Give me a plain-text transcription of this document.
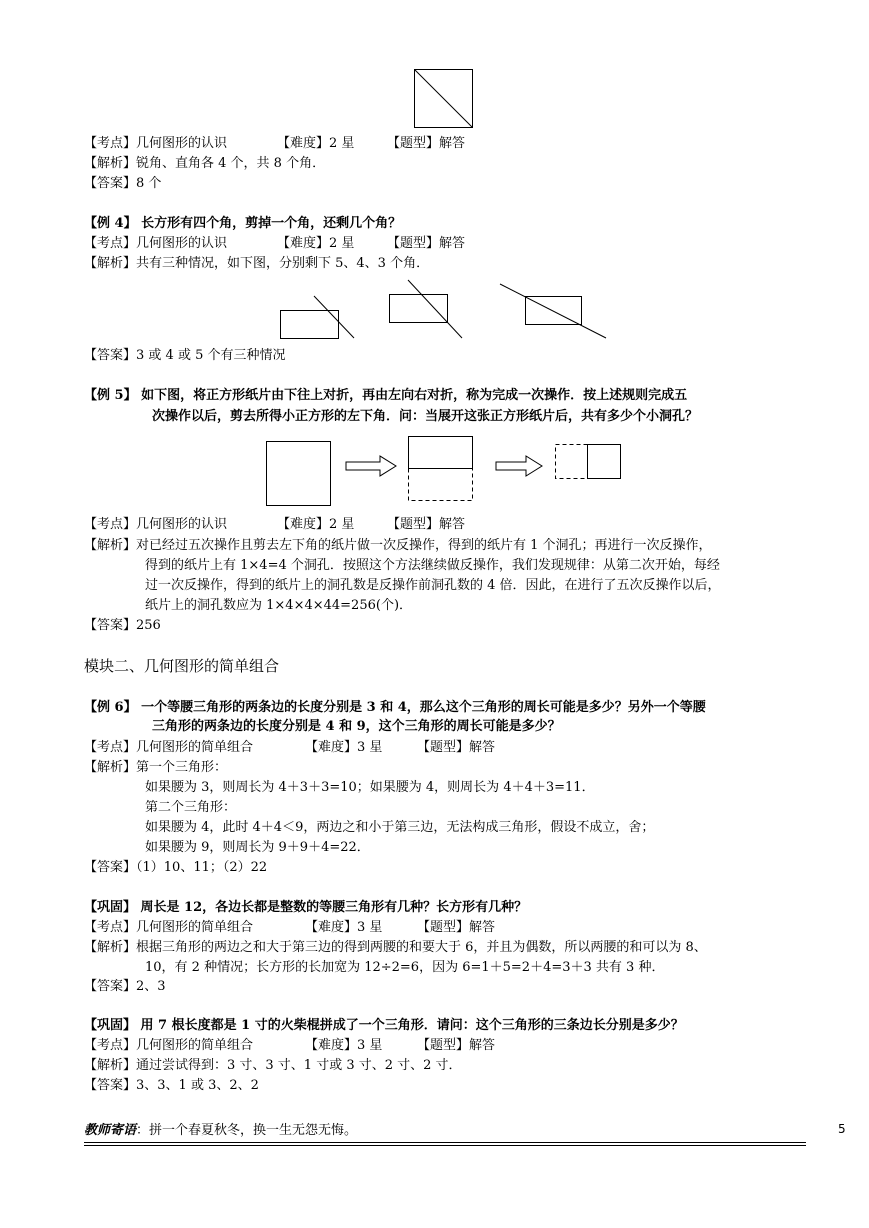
【考点】几何图形的认识	【难度】2 星	【题型】解答
【解析】锐角、直角各 4 个，共 8 个角．
【答案】8 个
【例 4】 长方形有四个角，剪掉一个角，还剩几个角？
【考点】几何图形的认识	【难度】2 星	【题型】解答
【解析】共有三种情况，如下图，分别剩下 5、4、3 个角．
【答案】3 或 4 或 5 个有三种情况
【例 5】 如下图，将正方形纸片由下往上对折，再由左向右对折，称为完成一次操作．按上述规则完成五
次操作以后，剪去所得小正方形的左下角．问：当展开这张正方形纸片后，共有多少个小洞孔？
【考点】几何图形的认识	【难度】2 星	【题型】解答
【解析】对已经过五次操作且剪去左下角的纸片做一次反操作，得到的纸片有 1 个洞孔；再进行一次反操作，
得到的纸片上有 1×4=4 个洞孔．按照这个方法继续做反操作，我们发现规律：从第二次开始，每经
过一次反操作，得到的纸片上的洞孔数是反操作前洞孔数的 4 倍．因此，在进行了五次反操作以后，
纸片上的洞孔数应为 1×4×4×44=256(个)．
【答案】256
模块二、几何图形的简单组合
【例 6】 一个等腰三角形的两条边的长度分别是 3 和 4，那么这个三角形的周长可能是多少？另外一个等腰
三角形的两条边的长度分别是 4 和 9，这个三角形的周长可能是多少？
【考点】几何图形的简单组合	【难度】3 星	【题型】解答
【解析】第一个三角形：
如果腰为 3，则周长为 4＋3＋3=10；如果腰为 4，则周长为 4＋4＋3=11．
第二个三角形：
如果腰为 4，此时 4＋4＜9，两边之和小于第三边，无法构成三角形，假设不成立，舍；
如果腰为 9，则周长为 9＋9＋4=22．
【答案】（1）10、11；（2）22
【巩固】 周长是 12，各边长都是整数的等腰三角形有几种？长方形有几种？
【考点】几何图形的简单组合	【难度】3 星	【题型】解答
【解析】根据三角形的两边之和大于第三边的得到两腰的和要大于 6，并且为偶数，所以两腰的和可以为 8、
10，有 2 种情况；长方形的长加宽为 12÷2=6，因为 6=1＋5=2＋4=3＋3 共有 3 种．
【答案】2、3
【巩固】 用 7 根长度都是 1 寸的火柴棍拼成了一个三角形．请问：这个三角形的三条边长分别是多少？
【考点】几何图形的简单组合	【难度】3 星	【题型】解答
【解析】通过尝试得到：3 寸、3 寸、1 寸或 3 寸、2 寸、2 寸．
【答案】3、3、1 或 3、2、2
教师寄语：拼一个春夏秋冬，换一生无怨无悔。	5
